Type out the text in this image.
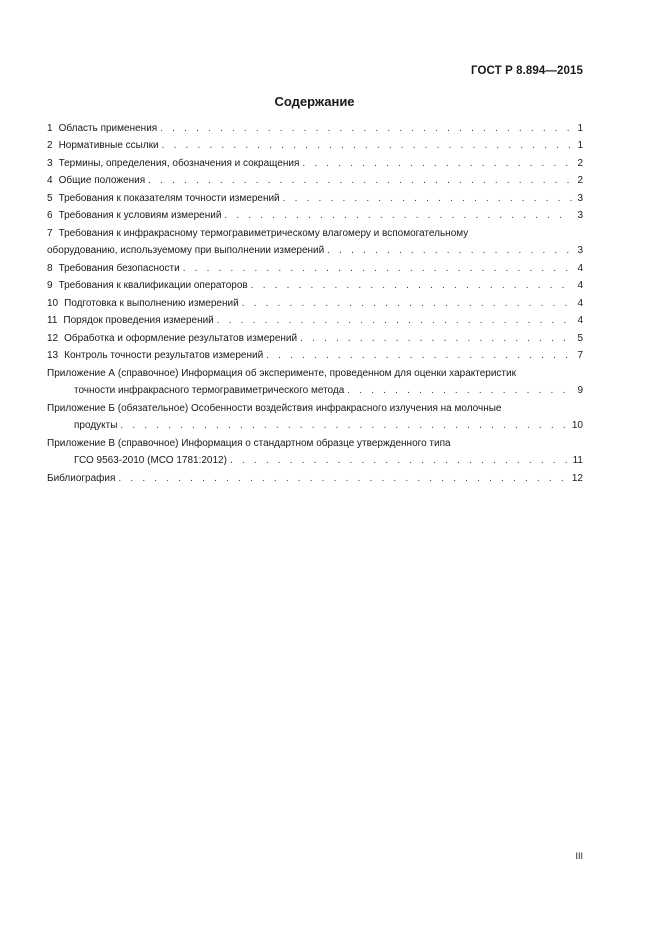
ГОСТ Р 8.894—2015
Содержание
1 Область применения . . .	1
2 Нормативные ссылки . . .	1
3 Термины, определения, обозначения и сокращения . . .	2
4 Общие положения . . .	2
5 Требования к показателям точности измерений . . .	3
6 Требования к условиям измерений . . .	3
7 Требования к инфракрасному термогравиметрическому влагомеру и вспомогательному
оборудованию, используемому при выполнении измерений . . .	3
8 Требования безопасности . . .	4
9 Требования к квалификации операторов . . .	4
10 Подготовка к выполнению измерений . . .	4
11 Порядок проведения измерений . . .	4
12 Обработка и оформление результатов измерений . . .	5
13 Контроль точности результатов измерений . . .	7
Приложение А (справочное) Информация об эксперименте, проведенном для оценки характеристик
точности инфракрасного термогравиметрического метода . . .	9
Приложение Б (обязательное) Особенности воздействия инфракрасного излучения на молочные
продукты . . .	10
Приложение В (справочное) Информация о стандартном образце утвержденного типа
ГСО 9563-2010 (МСО 1781:2012) . . .	11
Библиография . . .	12
III
